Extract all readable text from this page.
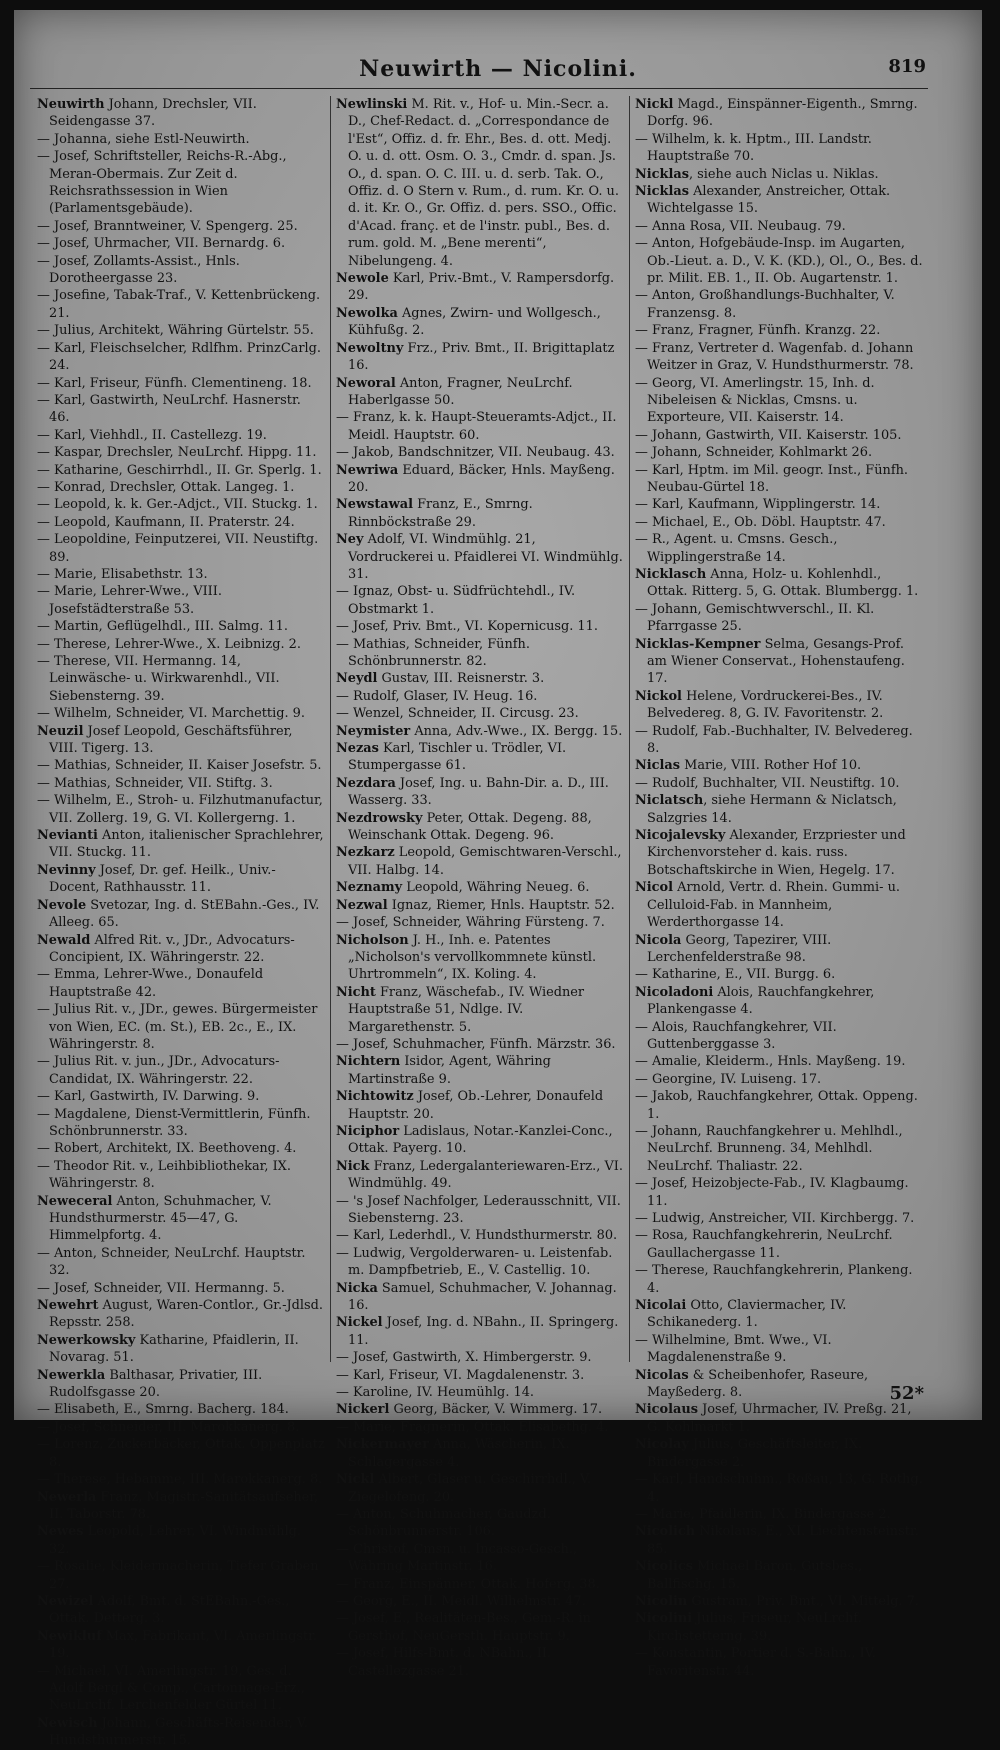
Neuwirth — Nicolini.	819

Neuwirth Johann, Drechsler, VII. Seidengasse 37.

— Johanna, siehe Estl-Neuwirth.

— Josef, Schriftsteller, Reichs-R.-Abg., Meran-Obermais. Zur Zeit d. Reichsrathssession in Wien (Parlamentsgebäude).

— Josef, Branntweiner, V. Spengerg. 25.

— Josef, Uhrmacher, VII. Bernardg. 6.

— Josef, Zollamts-Assist., Hnls. Dorotheergasse 23.

— Josefine, Tabak-Traf., V. Kettenbrückeng. 21.

— Julius, Architekt, Währing Gürtelstr. 55.

— Karl, Fleischselcher, Rdlfhm. PrinzCarlg. 24.

— Karl, Friseur, Fünfh. Clementineng. 18.

— Karl, Gastwirth, NeuLrchf. Hasnerstr. 46.

— Karl, Viehhdl., II. Castellezg. 19.

— Kaspar, Drechsler, NeuLrchf. Hippg. 11.

— Katharine, Geschirrhdl., II. Gr. Sperlg. 1.

— Konrad, Drechsler, Ottak. Langeg. 1.

— Leopold, k. k. Ger.-Adjct., VII. Stuckg. 1.

— Leopold, Kaufmann, II. Praterstr. 24.

— Leopoldine, Feinputzerei, VII. Neustiftg. 89.

— Marie, Elisabethstr. 13.

— Marie, Lehrer-Wwe., VIII. Josefstädterstraße 53.

— Martin, Geflügelhdl., III. Salmg. 11.

— Therese, Lehrer-Wwe., X. Leibnizg. 2.

— Therese, VII. Hermanng. 14, Leinwäsche- u. Wirkwarenhdl., VII. Siebensterng. 39.

— Wilhelm, Schneider, VI. Marchettig. 9.

Neuzil Josef Leopold, Geschäftsführer, VIII. Tigerg. 13.

— Mathias, Schneider, II. Kaiser Josefstr. 5.

— Mathias, Schneider, VII. Stiftg. 3.

— Wilhelm, E., Stroh- u. Filzhutmanufactur, VII. Zollerg. 19, G. VI. Kollergerng. 1.

Nevianti Anton, italienischer Sprachlehrer, VII. Stuckg. 11.

Nevinny Josef, Dr. gef. Heilk., Univ.-Docent, Rathhausstr. 11.

Nevole Svetozar, Ing. d. StEBahn.-Ges., IV. Alleeg. 65.

Newald Alfred Rit. v., JDr., Advocaturs-Concipient, IX. Währingerstr. 22.

— Emma, Lehrer-Wwe., Donaufeld Hauptstraße 42.

— Julius Rit. v., JDr., gewes. Bürgermeister von Wien, EC. (m. St.), EB. 2c., E., IX. Währingerstr. 8.

— Julius Rit. v. jun., JDr., Advocaturs-Candidat, IX. Währingerstr. 22.

— Karl, Gastwirth, IV. Darwing. 9.

— Magdalene, Dienst-Vermittlerin, Fünfh. Schönbrunnerstr. 33.

— Robert, Architekt, IX. Beethoveng. 4.

— Theodor Rit. v., Leihbibliothekar, IX. Währingerstr. 8.

Neweceral Anton, Schuhmacher, V. Hundsthurmerstr. 45—47, G. Himmelpfortg. 4.

— Anton, Schneider, NeuLrchf. Hauptstr. 32.

— Josef, Schneider, VII. Hermanng. 5.

Newehrt August, Waren-Contlor., Gr.-Jdlsd. Repsstr. 258.

Newerkowsky Katharine, Pfaidlerin, II. Novarag. 51.

Newerkla Balthasar, Privatier, III. Rudolfsgasse 20.

— Elisabeth, E., Smrng. Bacherg. 184.

— Josef, Schneider, III. Marokkanerg. 8.

— Lorenz, Zuckerbäcker, Ottak. Oppenplatz 8.

— Therese, Hebamme, III. Marokkanerg. 8.

Newerla Franz, Magistr.-Sanitätsaufseher, II. Taborstr. 78.

Newes Leopold, Lehrer, VI. Windmühlg. 32.

— Rosalie, Kleidermacherin, Tiefer Graben 27.

Newizel Adolf, Bmt. d. StEBahn.-Ges., Ottak. Detterg. 3.

Newikluf Max, Fabrikant, VI. Amerlingstr. 19.

— Michael, VI. Amerlingstr. 19, Ges. d. Adolf Bergl & Comp., Cartonnage-Erz., NeuLrchf. Lerchenfelder Gürtel 11.

Newisch Johann, Geschäfts-Reisender, V. Hundsthurmerstr. 15.

Newlinski M. Rit. v., Hof- u. Min.-Secr. a. D., Chef-Redact. d. „Correspondance de l'Est“, Offiz. d. fr. Ehr., Bes. d. ott. Medj. O. u. d. ott. Osm. O. 3., Cmdr. d. span. Js. O., d. span. O. C. III. u. d. serb. Tak. O., Offiz. d. O Stern v. Rum., d. rum. Kr. O. u. d. it. Kr. O., Gr. Offiz. d. pers. SSO., Offic. d'Acad. franç. et de l'instr. publ., Bes. d. rum. gold. M. „Bene merenti“, Nibelungeng. 4.

Newole Karl, Priv.-Bmt., V. Rampersdorfg. 29.

Newolka Agnes, Zwirn- und Wollgesch., Kühfußg. 2.

Newoltny Frz., Priv. Bmt., II. Brigittaplatz 16.

Neworal Anton, Fragner, NeuLrchf. Haberlgasse 50.

— Franz, k. k. Haupt-Steueramts-Adjct., II. Meidl. Hauptstr. 60.

— Jakob, Bandschnitzer, VII. Neubaug. 43.

Newriwa Eduard, Bäcker, Hnls. Mayßeng. 20.

Newstawal Franz, E., Smrng. Rinnböckstraße 29.

Ney Adolf, VI. Windmühlg. 21, Vordruckerei u. Pfaidlerei VI. Windmühlg. 31.

— Ignaz, Obst- u. Südfrüchtehdl., IV. Obstmarkt 1.

— Josef, Priv. Bmt., VI. Kopernicusg. 11.

— Mathias, Schneider, Fünfh. Schönbrunnerstr. 82.

Neydl Gustav, III. Reisnerstr. 3.

— Rudolf, Glaser, IV. Heug. 16.

— Wenzel, Schneider, II. Circusg. 23.

Neymister Anna, Adv.-Wwe., IX. Bergg. 15.

Nezas Karl, Tischler u. Trödler, VI. Stumpergasse 61.

Nezdara Josef, Ing. u. Bahn-Dir. a. D., III. Wasserg. 33.

Nezdrowsky Peter, Ottak. Degeng. 88, Weinschank Ottak. Degeng. 96.

Nezkarz Leopold, Gemischtwaren-Verschl., VII. Halbg. 14.

Neznamy Leopold, Währing Neueg. 6.

Nezwal Ignaz, Riemer, Hnls. Hauptstr. 52.

— Josef, Schneider, Währing Fürsteng. 7.

Nicholson J. H., Inh. e. Patentes „Nicholson's vervollkommnete künstl. Uhrtrommeln“, IX. Koling. 4.

Nicht Franz, Wäschefab., IV. Wiedner Hauptstraße 51, Ndlge. IV. Margarethenstr. 5.

— Josef, Schuhmacher, Fünfh. Märzstr. 36.

Nichtern Isidor, Agent, Währing Martinstraße 9.

Nichtowitz Josef, Ob.-Lehrer, Donaufeld Hauptstr. 20.

Niciphor Ladislaus, Notar.-Kanzlei-Conc., Ottak. Payerg. 10.

Nick Franz, Ledergalanteriewaren-Erz., VI. Windmühlg. 49.

— 's Josef Nachfolger, Lederausschnitt, VII. Siebensterng. 23.

— Karl, Lederhdl., V. Hundsthurmerstr. 80.

— Ludwig, Vergolderwaren- u. Leistenfab. m. Dampfbetrieb, E., V. Castellig. 10.

Nicka Samuel, Schuhmacher, V. Johannag. 16.

Nickel Josef, Ing. d. NBahn., II. Springerg. 11.

— Josef, Gastwirth, X. Himbergerstr. 9.

— Karl, Friseur, VI. Magdalenenstr. 3.

— Karoline, IV. Heumühlg. 14.

Nickerl Georg, Bäcker, V. Wimmerg. 17.

— Marie, Fragnerin, Ottak. Elisabethg. 4.

Nickermayer Anna, Wäscherin, IX. Schlagergasse 4.

Nickl Albert, Glaser u. Geschirrhdl., V. Ziegelofeng. 20.

— Anton, Schuhmacher, Gaudzd. Schönbrunnerstr. 106.

— Christof, Cmsn. u. Incasso-Gesch., Währing Martinstr. 16.

— Franz, Einspänner, Ottak. Hoferg. 38.

— Georg, E., II. Meidl. Wilhelmstr. 47.

— Josef, E., Realitäten-Bes., Gem.-R. in Gersthof, NeuGersth. Hauptstr. 9.

— Josef, Hilfs-Bmt. d. NBahn., II. Castellezgasse 21.

Nickl Magd., Einspänner-Eigenth., Smrng. Dorfg. 96.

— Wilhelm, k. k. Hptm., III. Landstr. Hauptstraße 70.

Nicklas, siehe auch Niclas u. Niklas.

Nicklas Alexander, Anstreicher, Ottak. Wichtelgasse 15.

— Anna Rosa, VII. Neubaug. 79.

— Anton, Hofgebäude-Insp. im Augarten, Ob.-Lieut. a. D., V. K. (KD.), Ol., O., Bes. d. pr. Milit. EB. 1., II. Ob. Augartenstr. 1.

— Anton, Großhandlungs-Buchhalter, V. Franzensg. 8.

— Franz, Fragner, Fünfh. Kranzg. 22.

— Franz, Vertreter d. Wagenfab. d. Johann Weitzer in Graz, V. Hundsthurmerstr. 78.

— Georg, VI. Amerlingstr. 15, Inh. d. Nibeleisen & Nicklas, Cmsns. u. Exporteure, VII. Kaiserstr. 14.

— Johann, Gastwirth, VII. Kaiserstr. 105.

— Johann, Schneider, Kohlmarkt 26.

— Karl, Hptm. im Mil. geogr. Inst., Fünfh. Neubau-Gürtel 18.

— Karl, Kaufmann, Wipplingerstr. 14.

— Michael, E., Ob. Döbl. Hauptstr. 47.

— R., Agent. u. Cmsns. Gesch., Wipplingerstraße 14.

Nicklasch Anna, Holz- u. Kohlenhdl., Ottak. Ritterg. 5, G. Ottak. Blumbergg. 1.

— Johann, Gemischtwverschl., II. Kl. Pfarrgasse 25.

Nicklas-Kempner Selma, Gesangs-Prof. am Wiener Conservat., Hohenstaufeng. 17.

Nickol Helene, Vordruckerei-Bes., IV. Belvedereg. 8, G. IV. Favoritenstr. 2.

— Rudolf, Fab.-Buchhalter, IV. Belvedereg. 8.

Niclas Marie, VIII. Rother Hof 10.

— Rudolf, Buchhalter, VII. Neustiftg. 10.

Niclatsch, siehe Hermann & Niclatsch, Salzgries 14.

Nicojalevsky Alexander, Erzpriester und Kirchenvorsteher d. kais. russ. Botschaftskirche in Wien, Hegelg. 17.

Nicol Arnold, Vertr. d. Rhein. Gummi- u. Celluloid-Fab. in Mannheim, Werderthorgasse 14.

Nicola Georg, Tapezirer, VIII. Lerchenfelderstraße 98.

— Katharine, E., VII. Burgg. 6.

Nicoladoni Alois, Rauchfangkehrer, Plankengasse 4.

— Alois, Rauchfangkehrer, VII. Guttenberggasse 3.

— Amalie, Kleiderm., Hnls. Mayßeng. 19.

— Georgine, IV. Luiseng. 17.

— Jakob, Rauchfangkehrer, Ottak. Oppeng. 1.

— Johann, Rauchfangkehrer u. Mehlhdl., NeuLrchf. Brunneng. 34, Mehlhdl. NeuLrchf. Thaliastr. 22.

— Josef, Heizobjecte-Fab., IV. Klagbaumg. 11.

— Ludwig, Anstreicher, VII. Kirchbergg. 7.

— Rosa, Rauchfangkehrerin, NeuLrchf. Gaullachergasse 11.

— Therese, Rauchfangkehrerin, Plankeng. 4.

Nicolai Otto, Claviermacher, IV. Schikanederg. 1.

— Wilhelmine, Bmt. Wwe., VI. Magdalenenstraße 9.

Nicolas & Scheibenhofer, Raseure, Mayßederg. 8.

Nicolaus Josef, Uhrmacher, IV. Preßg. 21, G. Kohlmarkt 1.

Nicolay Julius, Geschäftsleiter, IX. Bindergasse 2.

— Karl, Handschuhm., Roßau, 13, G. Rothg. 4.

— Marie, Pfaidlerin, IX. Bindergasse 2.

Nicolich Nikolaus, E., XI. Liechtensteinstr. 85.

Nicolics Michael Baron, Gutsbes., Ballfischg. 15.

Nicolin Gustram, Priv. Bmt., VI. Mittelg. 7.

Nicolini Julius, Friseur, NeuLrchf. Kirchstetterng. 39.

— Konstantin, Portier d. S.-Bahn., IV. Favoritenstr. 44.

52*
